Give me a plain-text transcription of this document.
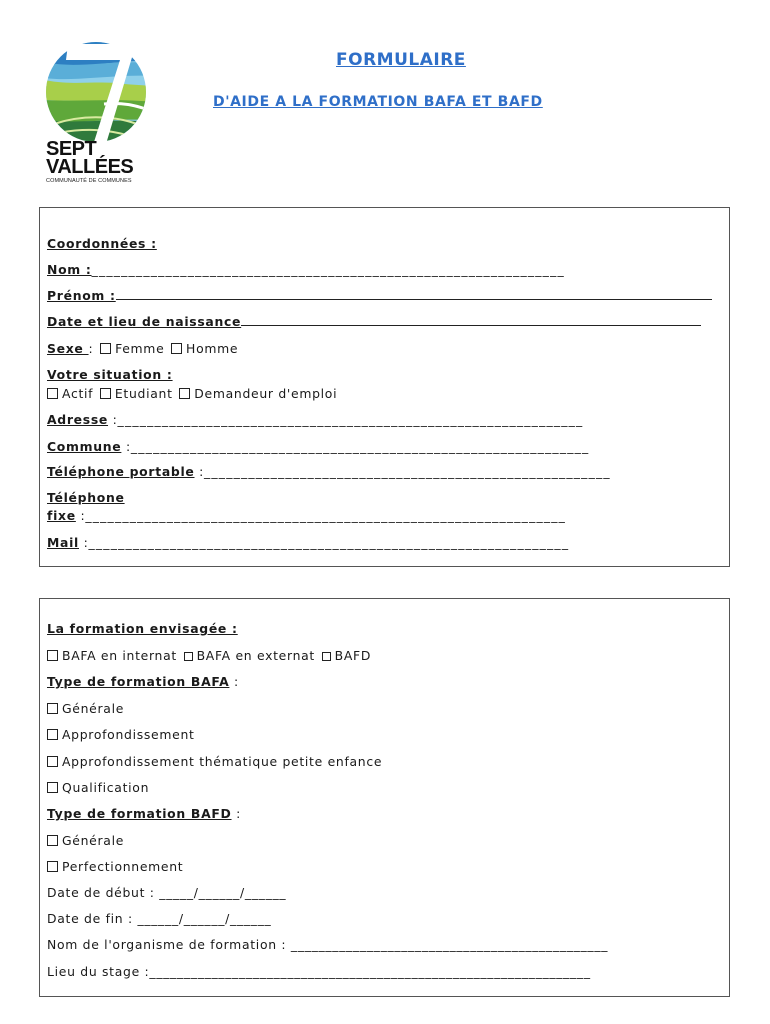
SEPT
VALLÉES
COMMUNAUTÉ DE COMMUNES
FORMULAIRE
D'AIDE A LA FORMATION BAFA ET BAFD
Coordonnées :
Nom :________________________________________________________________
Prénom :
Date et lieu de naissance
Sexe : Femme Homme
Votre situation :
Actif Etudiant Demandeur d'emploi
Adresse :_______________________________________________________________
Commune :______________________________________________________________
Téléphone portable :_______________________________________________________
Téléphone
fixe :_________________________________________________________________
Mail :_________________________________________________________________
La formation envisagée :
BAFA en internat BAFA en externat BAFD
Type de formation BAFA :
Générale
Approfondissement
Approfondissement thématique petite enfance
Qualification
Type de formation BAFD :
Générale
Perfectionnement
Date de début : _____/______/______
Date de fin : ______/______/______
Nom de l'organisme de formation : ______________________________________________
Lieu du stage :________________________________________________________________
